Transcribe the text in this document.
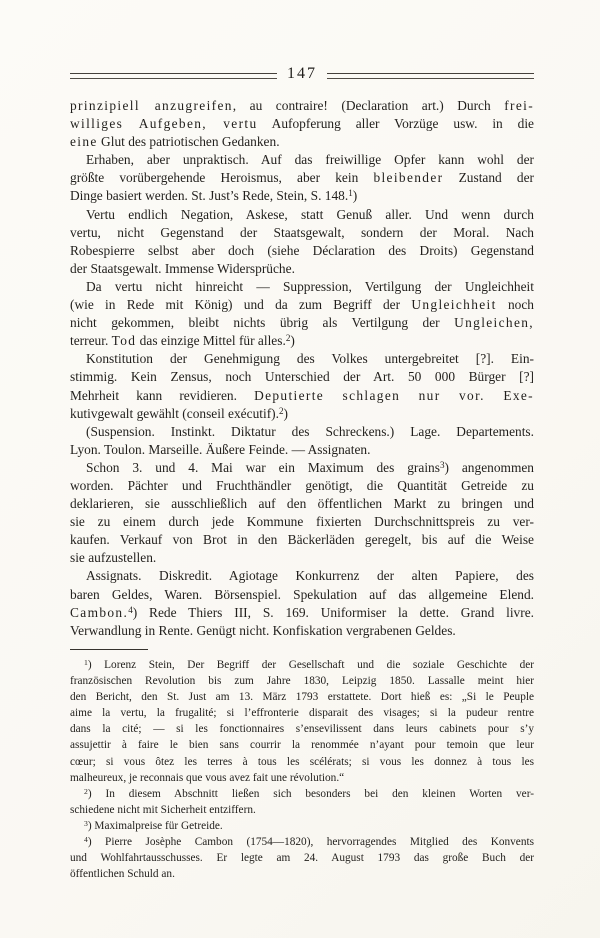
147
prinzipiell anzugreifen, au contraire! (Declaration art.) Durch frei-
williges Aufgeben, vertu Aufopferung aller Vorzüge usw. in die
eine Glut des patriotischen Gedanken.
Erhaben, aber unpraktisch. Auf das freiwillige Opfer kann wohl der
größte vorübergehende Heroismus, aber kein bleibender Zustand der
Dinge basiert werden. St. Just’s Rede, Stein, S. 148.$^1$)
Vertu endlich Negation, Askese, statt Genuß aller. Und wenn durch
vertu, nicht Gegenstand der Staatsgewalt, sondern der Moral. Nach
Robespierre selbst aber doch (siehe Déclaration des Droits) Gegenstand
der Staatsgewalt. Immense Widersprüche.
Da vertu nicht hinreicht — Suppression, Vertilgung der Ungleichheit
(wie in Rede mit König) und da zum Begriff der Ungleichheit noch
nicht gekommen, bleibt nichts übrig als Vertilgung der Ungleichen,
terreur. Tod das einzige Mittel für alles.$^2$)
Konstitution der Genehmigung des Volkes untergebreitet [?]. Ein-
stimmig. Kein Zensus, noch Unterschied der Art. 50 000 Bürger [?]
Mehrheit kann revidieren. Deputierte schlagen nur vor. Exe-
kutivgewalt gewählt (conseil exécutif).$^2$)
(Suspension. Instinkt. Diktatur des Schreckens.) Lage. Departements.
Lyon. Toulon. Marseille. Äußere Feinde. — Assignaten.
Schon 3. und 4. Mai war ein Maximum des grains$^3$) angenommen
worden. Pächter und Fruchthändler genötigt, die Quantität Getreide zu
deklarieren, sie ausschließlich auf den öffentlichen Markt zu bringen und
sie zu einem durch jede Kommune fixierten Durchschnittspreis zu ver-
kaufen. Verkauf von Brot in den Bäckerläden geregelt, bis auf die Weise
sie aufzustellen.
Assignats. Diskredit. Agiotage Konkurrenz der alten Papiere, des
baren Geldes, Waren. Börsenspiel. Spekulation auf das allgemeine Elend.
Cambon.$^4$) Rede Thiers III, S. 169. Uniformiser la dette. Grand livre.
Verwandlung in Rente. Genügt nicht. Konfiskation vergrabenen Geldes.
$^1$) Lorenz Stein, Der Begriff der Gesellschaft und die soziale Geschichte der
französischen Revolution bis zum Jahre 1830, Leipzig 1850. Lassalle meint hier
den Bericht, den St. Just am 13. März 1793 erstattete. Dort hieß es: „Si le Peuple
aime la vertu, la frugalité; si l’effronterie disparait des visages; si la pudeur rentre
dans la cité; — si les fonctionnaires s’ensevilissent dans leurs cabinets pour s’y
assujettir à faire le bien sans courrir la renommée n’ayant pour temoin que leur
cœur; si vous ôtez les terres à tous les scélérats; si vous les donnez à tous les
malheureux, je reconnais que vous avez fait une révolution.“
$^2$) In diesem Abschnitt ließen sich besonders bei den kleinen Worten ver-
schiedene nicht mit Sicherheit entziffern.
$^3$) Maximalpreise für Getreide.
$^4$) Pierre Josèphe Cambon (1754—1820), hervorragendes Mitglied des Konvents
und Wohlfahrtausschusses. Er legte am 24. August 1793 das große Buch der
öffentlichen Schuld an.
